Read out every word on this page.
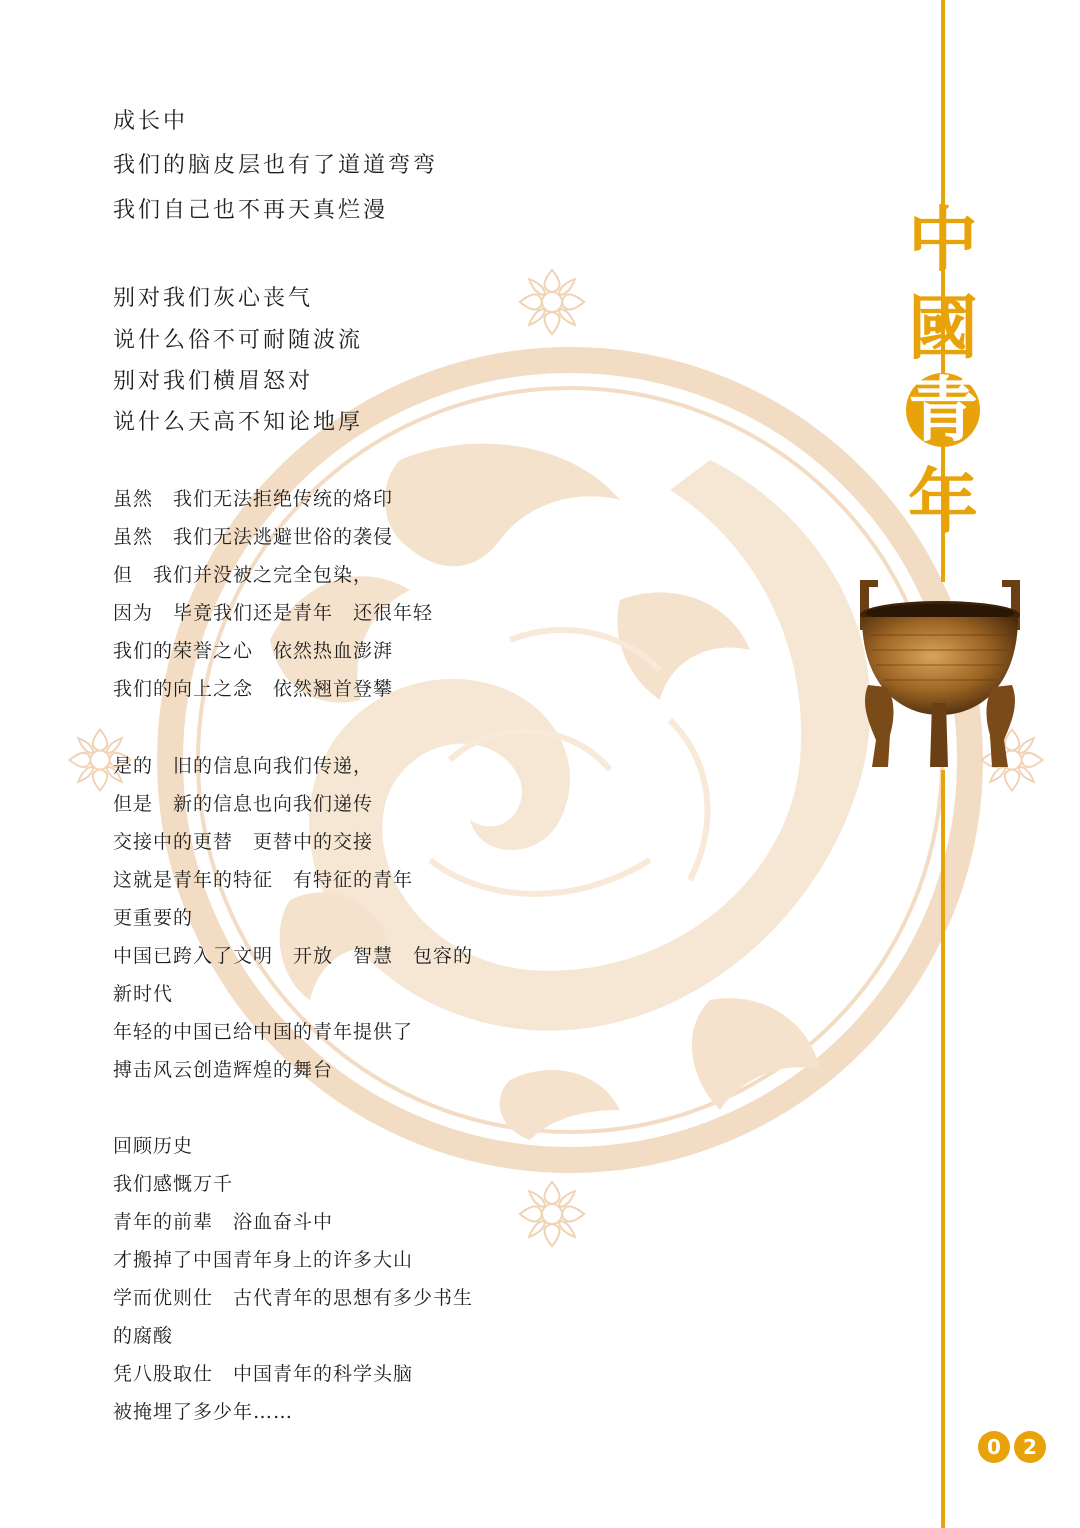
中
國
青
年
成长中
我们的脑皮层也有了道道弯弯
我们自己也不再天真烂漫
别对我们灰心丧气
说什么俗不可耐随波流
别对我们横眉怒对
说什么天高不知论地厚
虽然　我们无法拒绝传统的烙印
虽然　我们无法逃避世俗的袭侵
但　我们并没被之完全包染，
因为　毕竟我们还是青年　还很年轻
我们的荣誉之心　依然热血澎湃
我们的向上之念　依然翘首登攀
是的　旧的信息向我们传递，
但是　新的信息也向我们递传
交接中的更替　更替中的交接
这就是青年的特征　有特征的青年
更重要的
中国已跨入了文明　开放　智慧　包容的
新时代
年轻的中国已给中国的青年提供了
搏击风云创造辉煌的舞台
回顾历史
我们感慨万千
青年的前辈　浴血奋斗中
才搬掉了中国青年身上的许多大山
学而优则仕　古代青年的思想有多少书生
的腐酸
凭八股取仕　中国青年的科学头脑
被掩埋了多少年……
0	2
